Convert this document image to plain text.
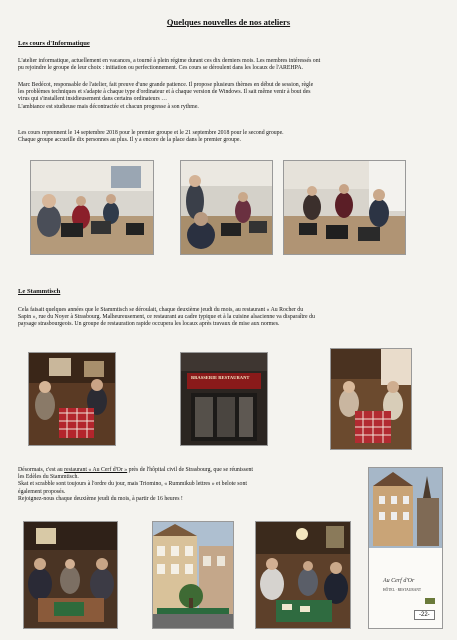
Quelques nouvelles de nos ateliers
Les cours d'Informatique
L'atelier informatique, actuellement en vacances, a tourné à plein régime durant ces dix derniers mois. Les membres intéressés ont
pu rejoindre le groupe de leur choix : initiation ou perfectionnement. Ces cours se déroulent dans les locaux de l'AREHPA.
Marc Bedécot, responsable de l'atelier, fait preuve d'une grande patience. Il propose plusieurs thèmes en début de session, règle
les problèmes techniques et s'adapte à chaque type d'ordinateur et à chaque version de Windows. Il sait même venir à bout des
virus qui s'installent insidieusement dans certains ordinateurs …
L'ambiance est studieuse mais décontractée et chacun progresse à son rythme.
Les cours reprennent le 14 septembre 2018 pour le premier groupe et le 21 septembre 2018 pour le second groupe.
Chaque groupe accueille dix personnes au plus. Il y a encore de la place dans le premier groupe.
Le Stammtisch
Cela faisait quelques années que le Stammtisch se déroulait, chaque deuxième jeudi du mois, au restaurant « Au Rocher du
Sapin », rue du Noyer à Strasbourg. Malheureusement, ce restaurant au cadre typique et à la cuisine alsacienne va disparaître du
paysage strasbourgeois. Un groupe de restauration rapide occupera les locaux après travaux de mise aux normes.
BRASSERIE RESTAURANT
Désormais, c'est au restaurant « Au Cerf d'Or » près de l'hôpital civil de Strasbourg, que se réunissent
les Edèles du Stammtisch.
Skat et scrabble sont toujours à l'ordre du jour, mais Triomino, « Rummikub lettres » et belote sont
également proposés.
Rejoignez-nous chaque deuxième jeudi du mois, à partir de 16 heures !
Au Cerf d'Or
HÔTEL · RESTAURANT
-22-
